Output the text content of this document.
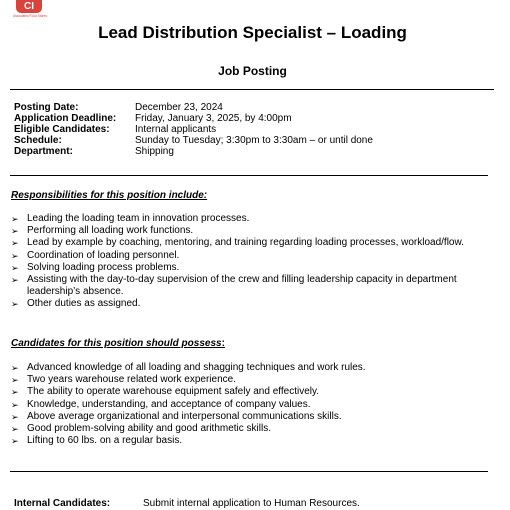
CI
Associated Food Stores
Lead Distribution Specialist – Loading
Job Posting
Posting Date:	December 23, 2024
Application Deadline:	Friday, January 3, 2025, by 4:00pm
Eligible Candidates:	Internal applicants
Schedule:	Sunday to Tuesday; 3:30pm to 3:30am – or until done
Department:	Shipping
Responsibilities for this position include:
➢ Leading the loading team in innovation processes.
➢ Performing all loading work functions.
➢ Lead by example by coaching, mentoring, and training regarding loading processes, workload/flow.
➢ Coordination of loading personnel.
➢ Solving loading process problems.
➢ Assisting with the day-to-day supervision of the crew and filling leadership capacity in department leadership’s absence.
➢ Other duties as assigned.
Candidates for this position should possess:
➢ Advanced knowledge of all loading and shagging techniques and work rules.
➢ Two years warehouse related work experience.
➢ The ability to operate warehouse equipment safely and effectively.
➢ Knowledge, understanding, and acceptance of company values.
➢ Above average organizational and interpersonal communications skills.
➢ Good problem-solving ability and good arithmetic skills.
➢ Lifting to 60 lbs. on a regular basis.
Internal Candidates:	Submit internal application to Human Resources.
